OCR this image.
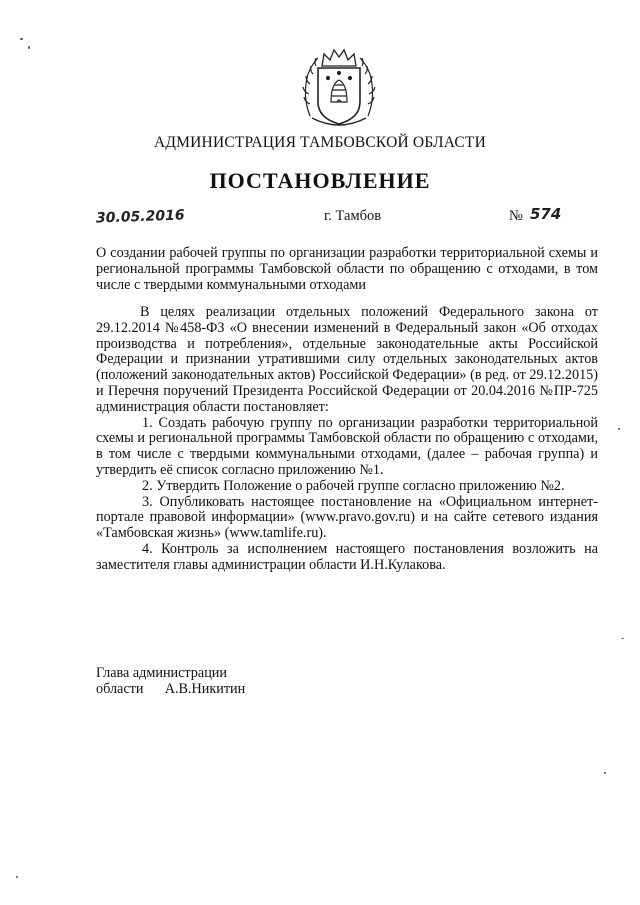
АДМИНИСТРАЦИЯ ТАМБОВСКОЙ ОБЛАСТИ
ПОСТАНОВЛЕНИЕ
30.05.2016	г. Тамбов	№ 574
О создании рабочей группы по организации разработки территориальной схемы и региональной программы Тамбовской области по обращению с отходами, в том числе с твердыми коммунальными отходами

В целях реализации отдельных положений Федерального закона от 29.12.2014 №458-ФЗ «О внесении изменений в Федеральный закон «Об отходах производства и потребления», отдельные законодательные акты Российской Федерации и признании утратившими силу отдельных законодательных актов (положений законодательных актов) Российской Федерации» (в ред. от 29.12.2015) и Перечня поручений Президента Российской Федерации от 20.04.2016 №ПР-725 администрация области постановляет:

1. Создать рабочую группу по организации разработки территориальной схемы и региональной программы Тамбовской области по обращению с отходами, в том числе с твердыми коммунальными отходами, (далее – рабочая группа) и утвердить её список согласно приложению №1.

2. Утвердить Положение о рабочей группе согласно приложению №2.

3. Опубликовать настоящее постановление на «Официальном интернет-портале правовой информации» (www.pravo.gov.ru) и на сайте сетевого издания «Тамбовская жизнь» (www.tamlife.ru).

4. Контроль за исполнением настоящего постановления возложить на заместителя главы администрации области И.Н.Кулакова.

Глава администрации
области А.В.Никитин
